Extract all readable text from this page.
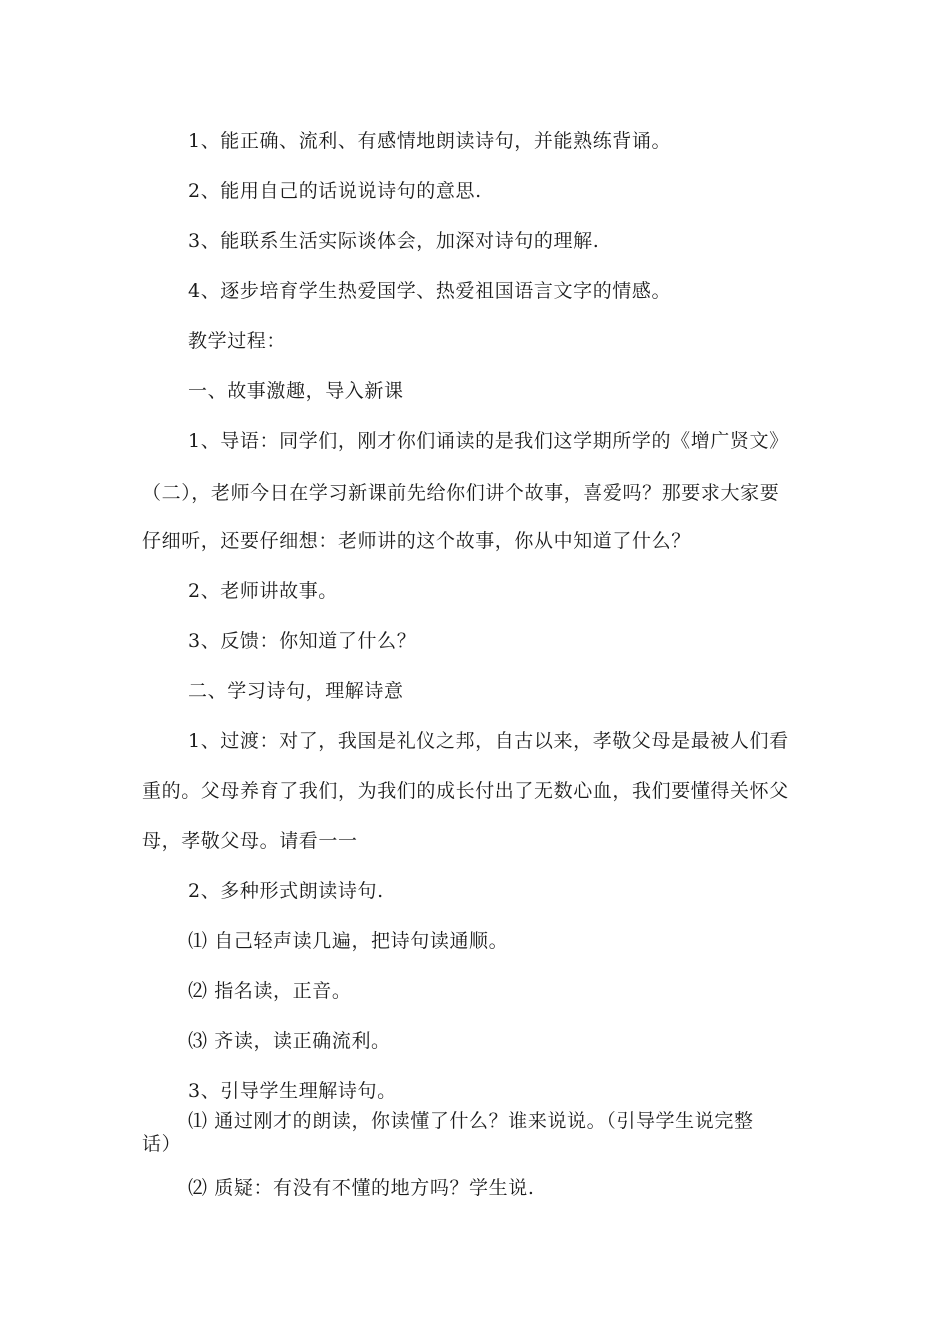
1、能正确、流利、有感情地朗读诗句，并能熟练背诵。
2、能用自己的话说说诗句的意思.
3、能联系生活实际谈体会，加深对诗句的理解.
4、逐步培育学生热爱国学、热爱祖国语言文字的情感。
教学过程：
一、故事激趣，导入新课
1、导语：同学们，刚才你们诵读的是我们这学期所学的《增广贤文》
（二），老师今日在学习新课前先给你们讲个故事，喜爱吗？那要求大家要
仔细听，还要仔细想：老师讲的这个故事，你从中知道了什么？
2、老师讲故事。
3、反馈：你知道了什么？
二、学习诗句，理解诗意
1、过渡：对了，我国是礼仪之邦，自古以来，孝敬父母是最被人们看
重的。父母养育了我们，为我们的成长付出了无数心血，我们要懂得关怀父
母，孝敬父母。请看一一
2、多种形式朗读诗句.
⑴ 自己轻声读几遍，把诗句读通顺。
⑵ 指名读，正音。
⑶ 齐读，读正确流利。
3、引导学生理解诗句。
⑴ 通过刚才的朗读，你读懂了什么？谁来说说。（引导学生说完整
话）
⑵ 质疑：有没有不懂的地方吗？学生说.
